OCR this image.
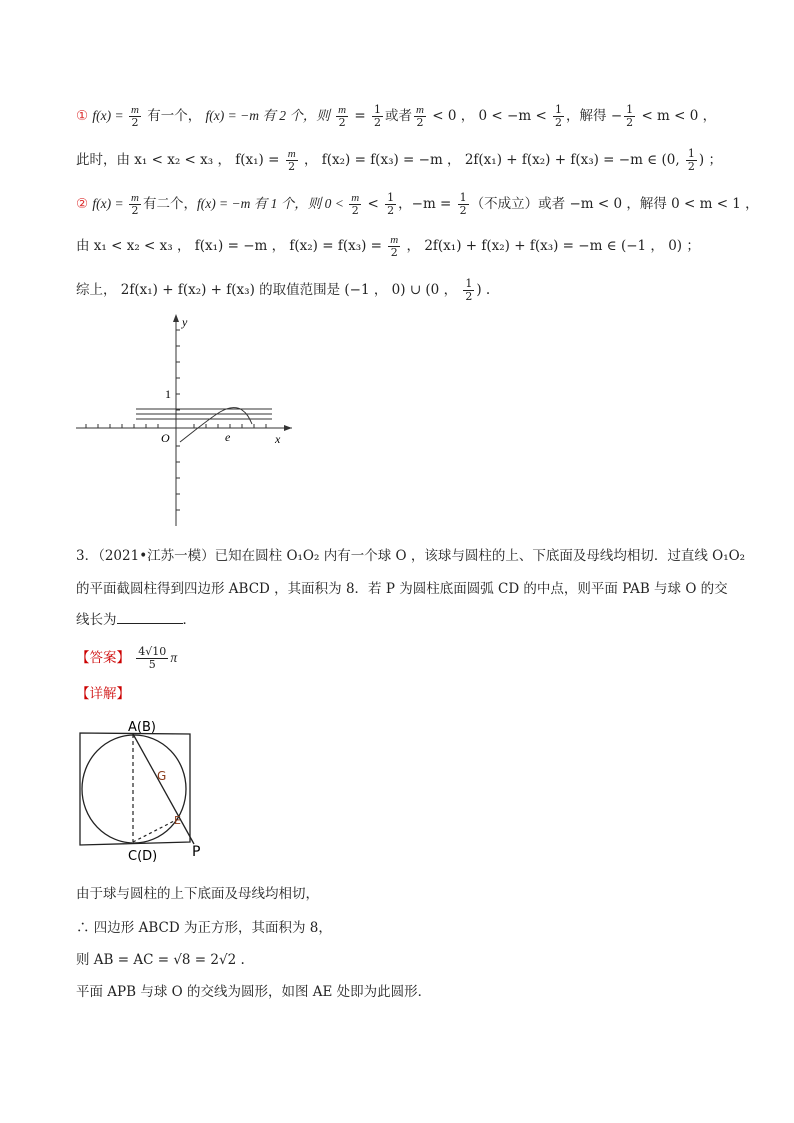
① $f(x) = \frac{m}{2}$ 有一个， f(x) = −m 有 2 个，则 $\frac{m}{2} = \frac{1}{2}$ 或者 $\frac{m}{2} < 0$ ， $0 < -m < \frac{1}{2}$ ，解得 − $\frac{1}{2} < m < 0$ ，
此时，由 x₁ < x₂ < x₃ ， $f(x_1) = \frac{m}{2}$ ， f(x₂) = f(x₃) = −m ， 2f(x₁) + f(x₂) + f(x₃) = −m ∈ (0, $\frac{1}{2}$ ) ；
② $f(x) = \frac{m}{2}$ 有二个，f(x) = −m 有 1 个，则 $0 < \frac{m}{2} < \frac{1}{2}$ ，$-m = \frac{1}{2}$ （不成立）或者 −m < 0 ，解得 0 < m < 1 ，
由 x₁ < x₂ < x₃ ， f(x₁) = −m ， $f(x_2) = f(x_3) = \frac{m}{2}$ ， 2f(x₁) + f(x₂) + f(x₃) = −m ∈ (−1 ， 0) ；
综上， 2f(x₁) + f(x₂) + f(x₃) 的取值范围是 (−1 ， 0) ∪ (0 ， $\frac{1}{2}$ ) .
y
x
O
1
e
3．（2021•江苏一模）已知在圆柱 O₁O₂ 内有一个球 O ，该球与圆柱的上、下底面及母线均相切．过直线 O₁O₂
的平面截圆柱得到四边形 ABCD ，其面积为 8．若 P 为圆柱底面圆弧 CD 的中点，则平面 PAB 与球 O 的交
线长为	．
【答案】 $\frac{4√10}{5}$ π
【详解】
A(B)
C(D)
G
E
P
由于球与圆柱的上下底面及母线均相切，
∴ 四边形 ABCD 为正方形，其面积为 8，
则 AB = AC = √8 = 2√2 .
平面 APB 与球 O 的交线为圆形，如图 AE 处即为此圆形．
